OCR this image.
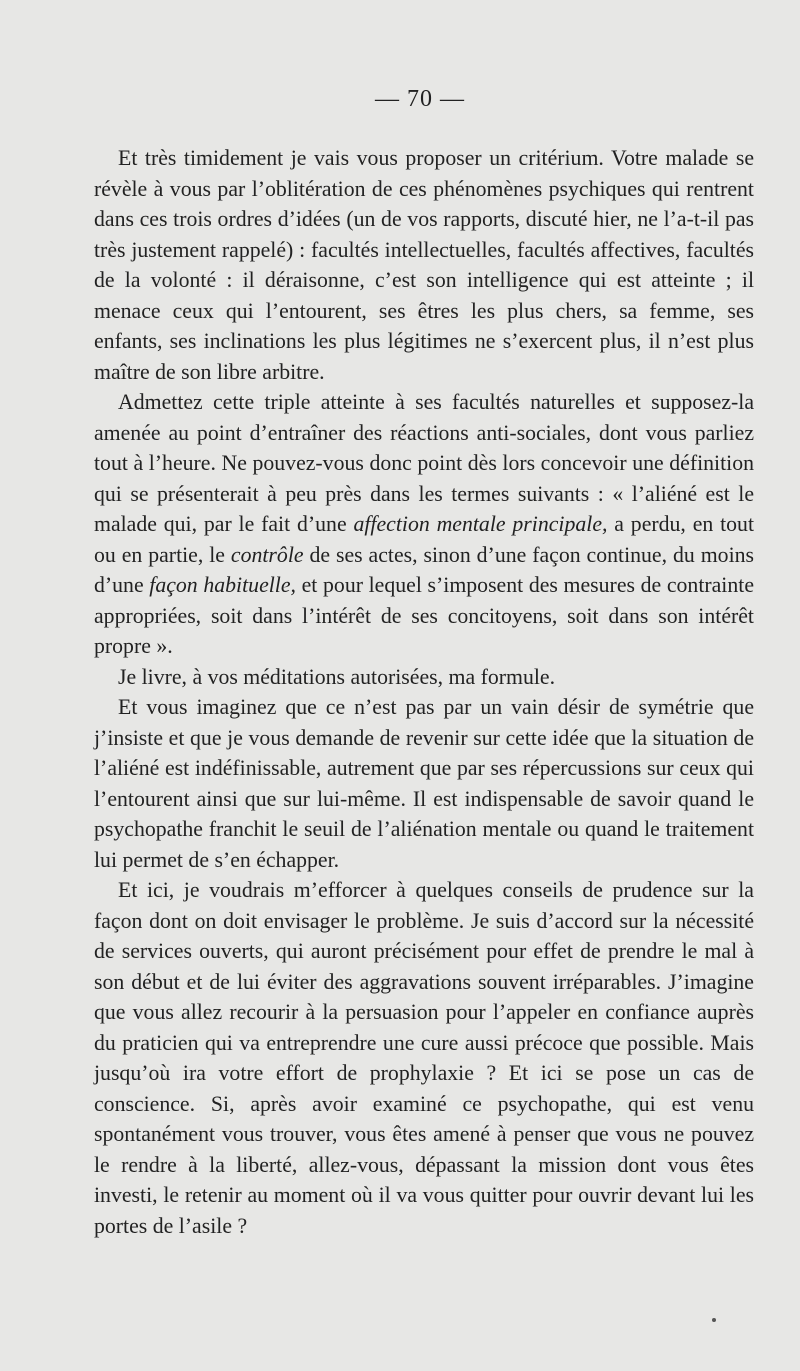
— 70 —

Et très timidement je vais vous proposer un critérium. Votre malade se révèle à vous par l’oblitération de ces phénomènes psychiques qui rentrent dans ces trois ordres d’idées (un de vos rapports, discuté hier, ne l’a-t-il pas très justement rappelé) : facultés intellectuelles, facultés affectives, facultés de la volonté : il déraisonne, c’est son intelligence qui est atteinte ; il menace ceux qui l’entourent, ses êtres les plus chers, sa femme, ses enfants, ses inclinations les plus légitimes ne s’exercent plus, il n’est plus maître de son libre arbitre.

Admettez cette triple atteinte à ses facultés naturelles et supposez-la amenée au point d’entraîner des réactions anti-sociales, dont vous parliez tout à l’heure. Ne pouvez-vous donc point dès lors concevoir une définition qui se présenterait à peu près dans les termes suivants : « l’aliéné est le malade qui, par le fait d’une affection mentale principale, a perdu, en tout ou en partie, le contrôle de ses actes, sinon d’une façon continue, du moins d’une façon habituelle, et pour lequel s’imposent des mesures de contrainte appropriées, soit dans l’intérêt de ses concitoyens, soit dans son intérêt propre ».

Je livre, à vos méditations autorisées, ma formule.

Et vous imaginez que ce n’est pas par un vain désir de symétrie que j’insiste et que je vous demande de revenir sur cette idée que la situation de l’aliéné est indéfinissable, autrement que par ses répercussions sur ceux qui l’entourent ainsi que sur lui-même. Il est indispensable de savoir quand le psychopathe franchit le seuil de l’aliénation mentale ou quand le traitement lui permet de s’en échapper.

Et ici, je voudrais m’efforcer à quelques conseils de prudence sur la façon dont on doit envisager le problème. Je suis d’accord sur la nécessité de services ouverts, qui auront précisément pour effet de prendre le mal à son début et de lui éviter des aggravations souvent irréparables. J’imagine que vous allez recourir à la persuasion pour l’appeler en confiance auprès du praticien qui va entreprendre une cure aussi précoce que possible. Mais jusqu’où ira votre effort de prophylaxie ? Et ici se pose un cas de conscience. Si, après avoir examiné ce psychopathe, qui est venu spontanément vous trouver, vous êtes amené à penser que vous ne pouvez le rendre à la liberté, allez-vous, dépassant la mission dont vous êtes investi, le retenir au moment où il va vous quitter pour ouvrir devant lui les portes de l’asile ?
